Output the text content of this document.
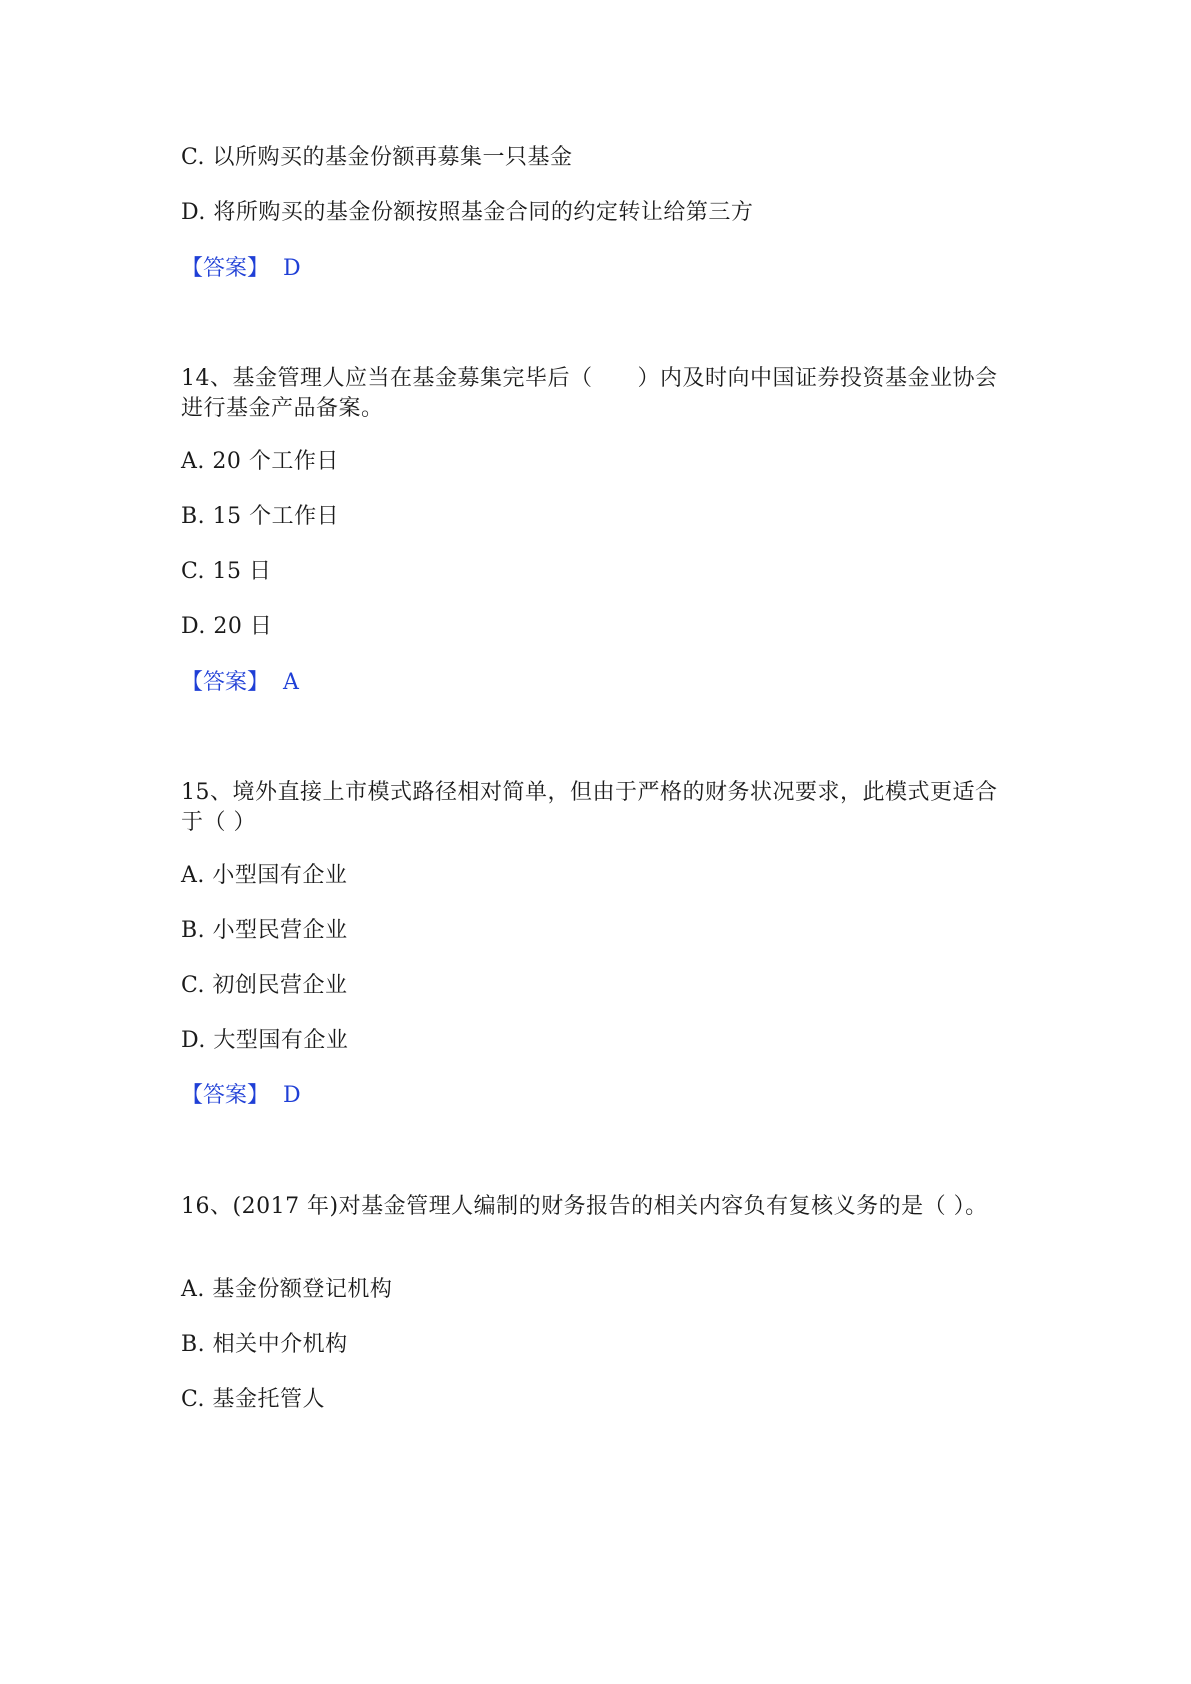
C. 以所购买的基金份额再募集一只基金
D. 将所购买的基金份额按照基金合同的约定转让给第三方
【答案】 D
14、基金管理人应当在基金募集完毕后（　　）内及时向中国证券投资基金业协会进行基金产品备案。
A. 20 个工作日
B. 15 个工作日
C. 15 日
D. 20 日
【答案】 A
15、境外直接上市模式路径相对简单，但由于严格的财务状况要求，此模式更适合于（ ）
A. 小型国有企业
B. 小型民营企业
C. 初创民营企业
D. 大型国有企业
【答案】 D
16、(2017 年)对基金管理人编制的财务报告的相关内容负有复核义务的是（ ）。
A. 基金份额登记机构
B. 相关中介机构
C. 基金托管人
